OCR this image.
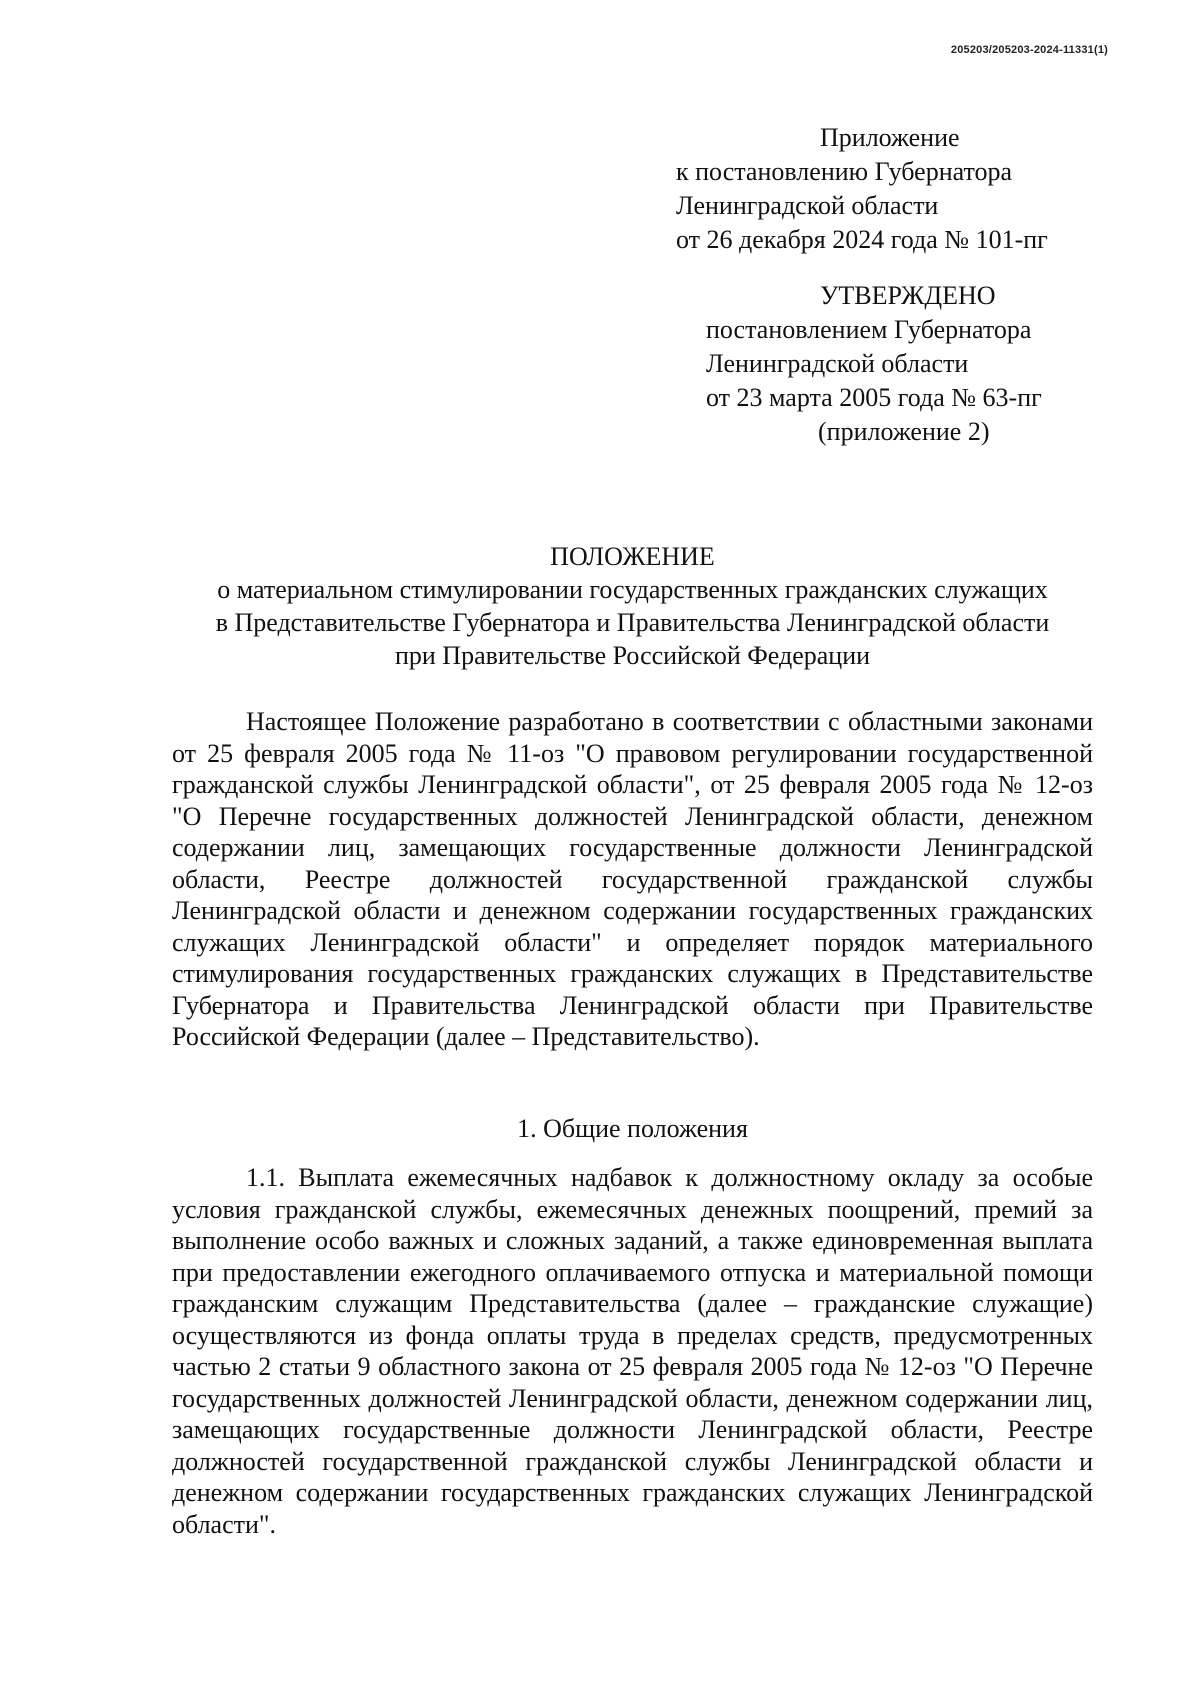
205203/205203-2024-11331(1)
Приложение
к постановлению Губернатора
Ленинградской области
от 26 декабря 2024 года № 101-пг
УТВЕРЖДЕНО
постановлением Губернатора
Ленинградской области
от 23 марта 2005 года № 63-пг
(приложение 2)
ПОЛОЖЕНИЕ
о материальном стимулировании государственных гражданских служащих
в Представительстве Губернатора и Правительства Ленинградской области
при Правительстве Российской Федерации

Настоящее Положение разработано в соответствии с областными законами от 25 февраля 2005 года № 11-оз "О правовом регулировании государственной гражданской службы Ленинградской области", от 25 февраля 2005 года № 12-оз "О Перечне государственных должностей Ленинградской области, денежном содержании лиц, замещающих государственные должности Ленинградской области, Реестре должностей государственной гражданской службы Ленинградской области и денежном содержании государственных гражданских служащих Ленинградской области" и определяет порядок материального стимулирования государственных гражданских служащих в Представительстве Губернатора и Правительства Ленинградской области при Правительстве Российской Федерации (далее – Представительство).

1. Общие положения

1.1. Выплата ежемесячных надбавок к должностному окладу за особые условия гражданской службы, ежемесячных денежных поощрений, премий за выполнение особо важных и сложных заданий, а также единовременная выплата при предоставлении ежегодного оплачиваемого отпуска и материальной помощи гражданским служащим Представительства (далее – гражданские служащие) осуществляются из фонда оплаты труда в пределах средств, предусмотренных частью 2 статьи 9 областного закона от 25 февраля 2005 года № 12-оз "О Перечне государственных должностей Ленинградской области, денежном содержании лиц, замещающих государственные должности Ленинградской области, Реестре должностей государственной гражданской службы Ленинградской области и денежном содержании государственных гражданских служащих Ленинградской области".
